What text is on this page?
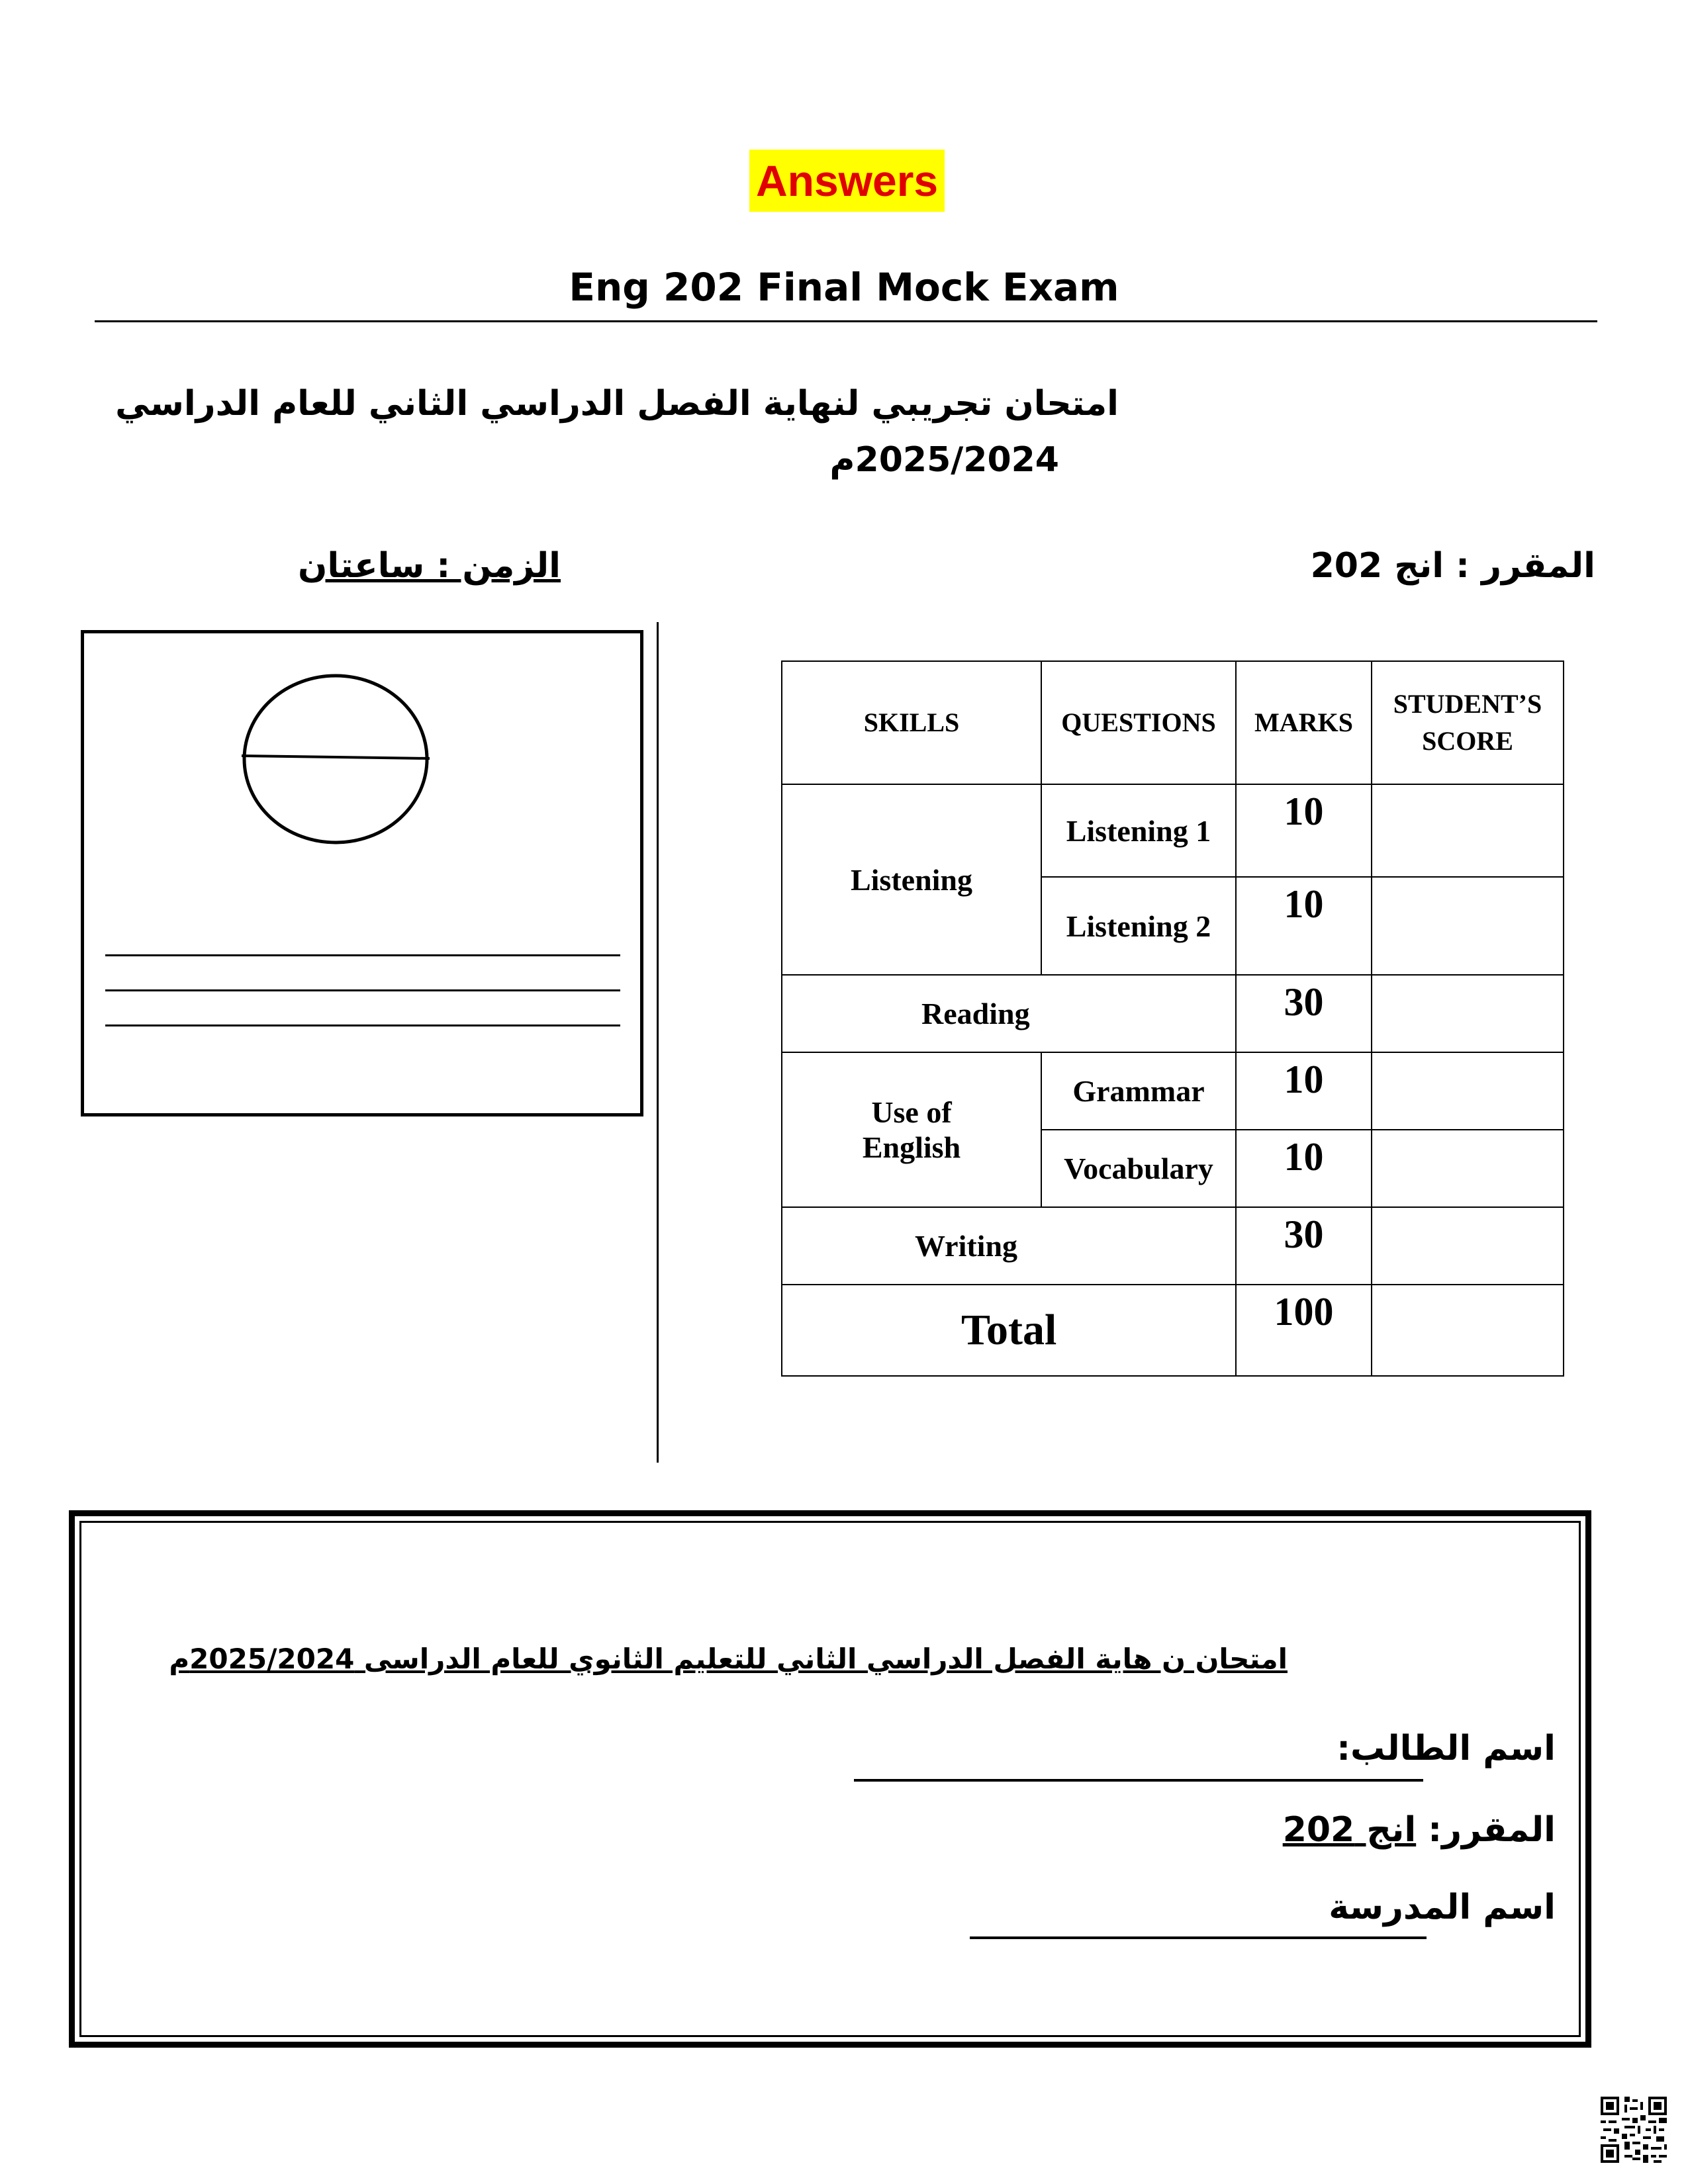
Answers
Eng 202 Final Mock Exam
امتحان تجريبي لنهاية الفصل الدراسي الثاني للعام الدراسي
2025/2024م
المقرر : انج 202
الزمن : ساعتان
SKILLS	QUESTIONS	MARKS	STUDENT’S
SCORE

Listening	Listening 1	10	
	Listening 2	10	
Reading		30	

Use of
English	Grammar	10	
	Vocabulary	10	
Writing		30	
Total		100	
امتحان ن هاية الفصل الدراسي الثاني للتعليم الثانوي للعام الدراسى 2025/2024م
اسم الطالب:
المقرر: انج 202
اسم المدرسة
